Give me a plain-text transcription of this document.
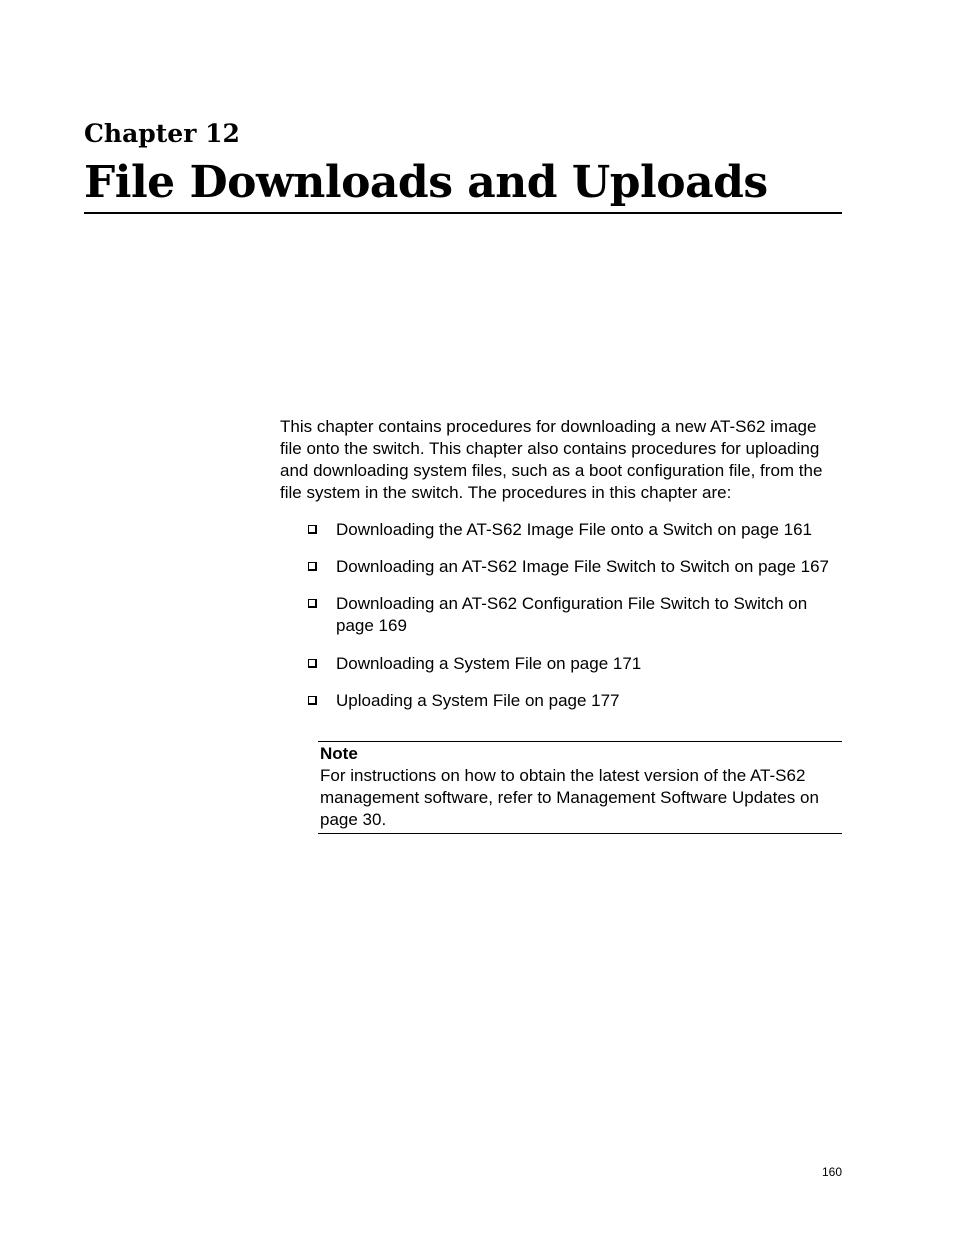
Chapter 12
File Downloads and Uploads

This chapter contains procedures for downloading a new AT-S62 image file onto the switch. This chapter also contains procedures for uploading and downloading system files, such as a boot configuration file, from the file system in the switch. The procedures in this chapter are:

Downloading the AT-S62 Image File onto a Switch on page 161
Downloading an AT-S62 Image File Switch to Switch on page 167
Downloading an AT-S62 Configuration File Switch to Switch on page 169
Downloading a System File on page 171
Uploading a System File on page 177

Note

For instructions on how to obtain the latest version of the AT-S62 management software, refer to Management Software Updates on page 30.

160
